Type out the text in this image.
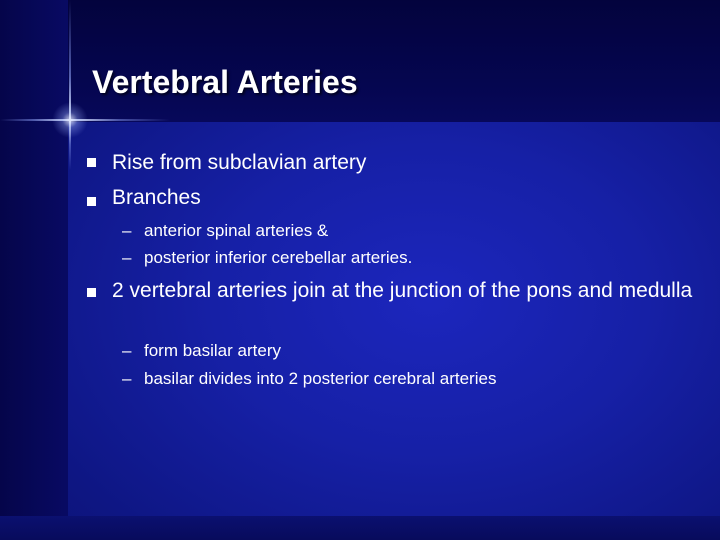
Vertebral Arteries
Rise from subclavian artery
Branches
– anterior spinal arteries &
– posterior inferior cerebellar arteries.
2 vertebral arteries join at the junction of the pons and medulla
– form basilar artery
– basilar divides into 2 posterior cerebral arteries
